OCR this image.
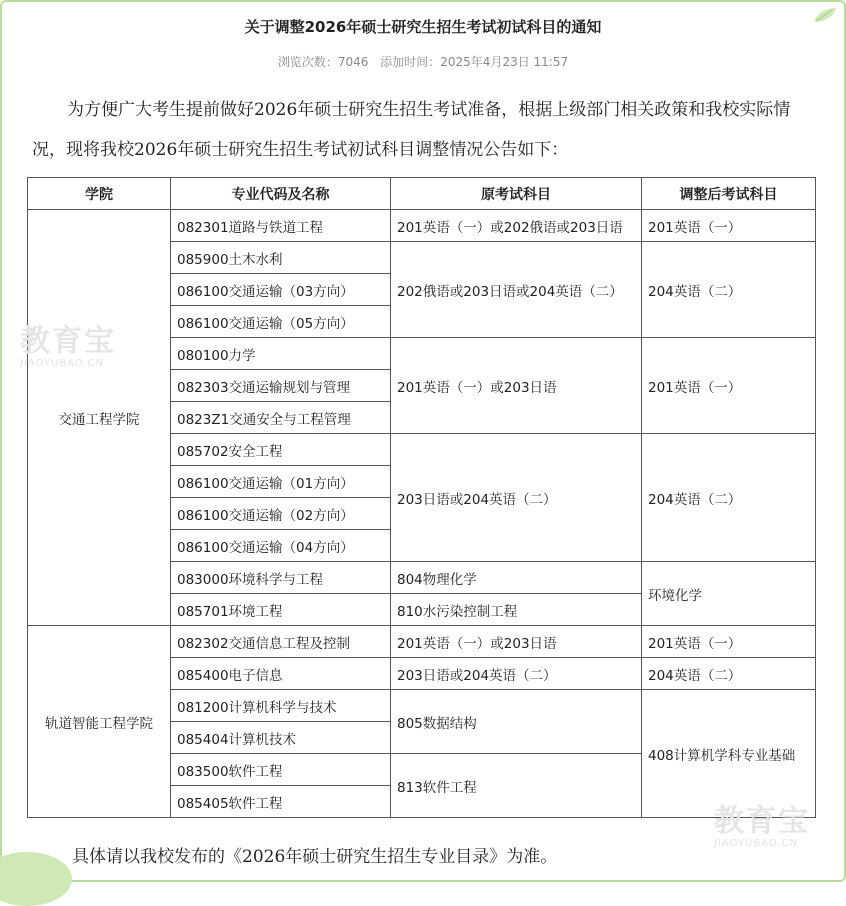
关于调整2026年硕士研究生招生考试初试科目的通知
浏览次数：7046 添加时间：2025年4月23日 11:57
为方便广大考生提前做好2026年硕士研究生招生考试准备，根据上级部门相关政策和我校实际情况，现将我校2026年硕士研究生招生考试初试科目调整情况公告如下：
学院	专业代码及名称	原考试科目	调整后考试科目
交通工程学院	082301道路与铁道工程	201英语（一）或202俄语或203日语	201英语（一）
	085900土木水利	202俄语或203日语或204英语（二）	204英语（二）
	086100交通运输（03方向）		
	086100交通运输（05方向）		
	080100力学	201英语（一）或203日语	201英语（一）
	082303交通运输规划与管理		
	0823Z1交通安全与工程管理		
	085702安全工程	203日语或204英语（二）	204英语（二）
	086100交通运输（01方向）		
	086100交通运输（02方向）		
	086100交通运输（04方向）		
	083000环境科学与工程	804物理化学	环境化学
	085701环境工程	810水污染控制工程	
轨道智能工程学院	082302交通信息工程及控制	201英语（一）或203日语	201英语（一）
	085400电子信息	203日语或204英语（二）	204英语（二）
	081200计算机科学与技术	805数据结构	408计算机学科专业基础
	085404计算机技术		
	083500软件工程	813软件工程	
	085405软件工程		
具体请以我校发布的《2026年硕士研究生招生专业目录》为准。
教育宝
JIAOYUBAO.CN
教育宝
JIAOYUBAO.CN
